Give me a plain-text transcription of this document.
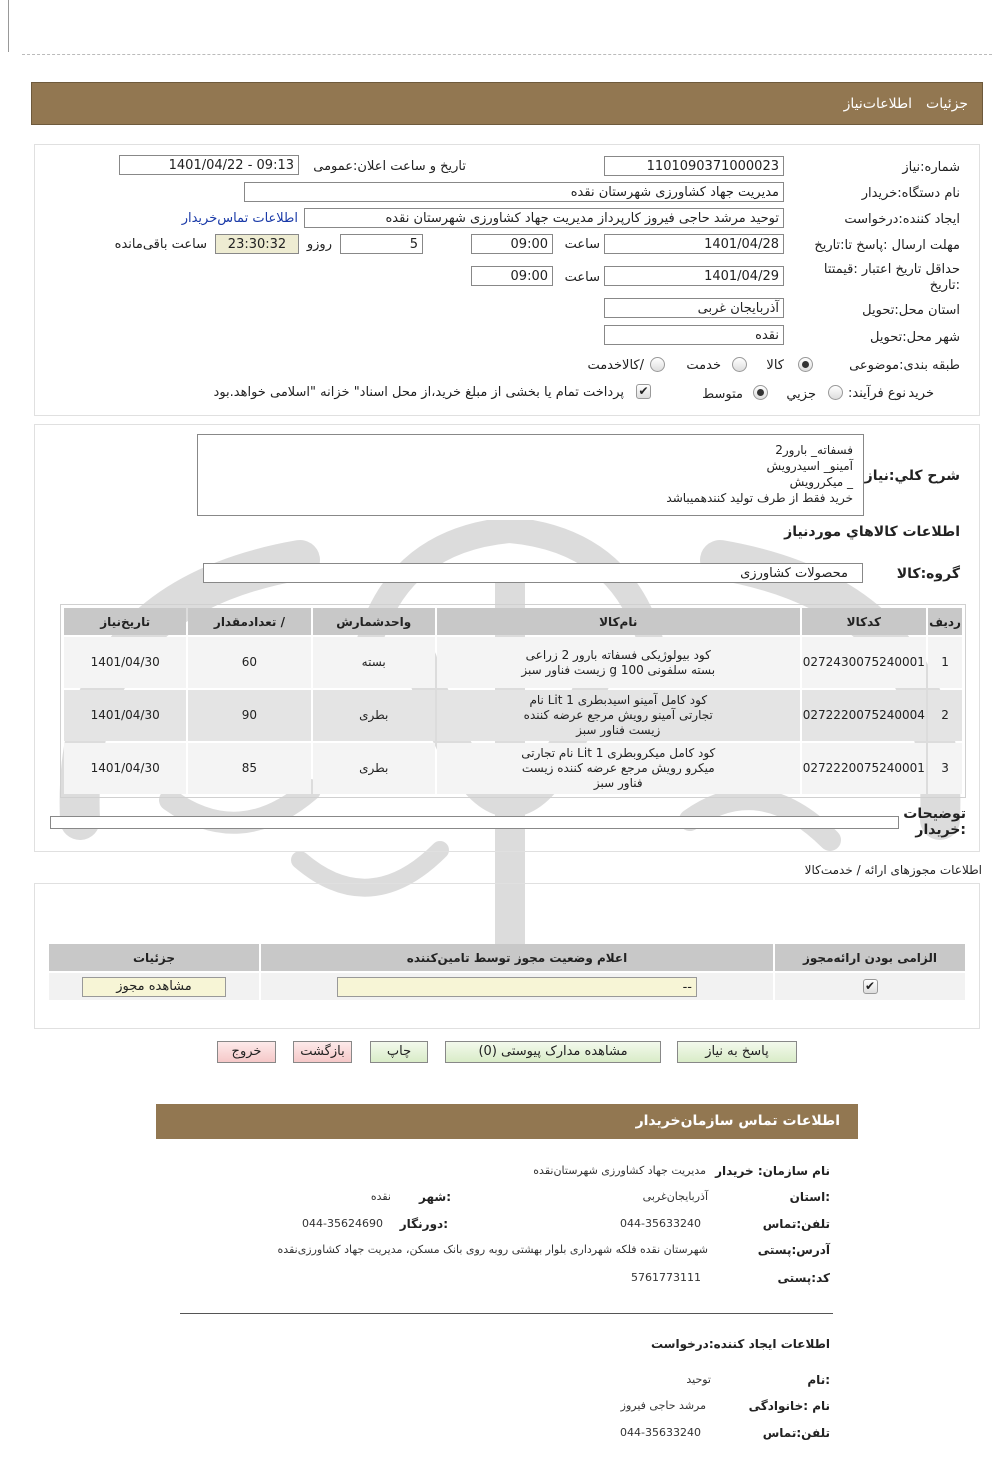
جزئیات
اطلاعات‌نیاز
شماره:نیاز
1101090371000023
تاریخ و ساعت اعلان:عمومی
1401/04/22 - 09:13
نام دستگاه:خریدار
مدیریت جهاد کشاورزی شهرستان نقده
ایجاد کننده:درخواست
توحید مرشد حاجی فیروز کارپرداز مدیریت جهاد کشاورزی شهرستان نقده
اطلاعات تماس‌خریدار
مهلت ارسال :پاسخ تا:تاریخ
1401/04/28
ساعت
09:00
5
روزو
23:30:32
ساعت باقی‌مانده
حداقل تاریخ اعتبار :قیمتتا :تاریخ
1401/04/29
ساعت
09:00
استان محل:تحویل
آذربایجان غربی
شهر محل:تحویل
نقده
طبقه بندی:موضوعی
کالا
خدمت
/کالاخدمت
نوع فرآیند: خرید
جزيي
متوسط
✔
پرداخت تمام یا بخشی از مبلغ خرید،از محل اسناد" خزانه "اسلامی خواهد.بود
شرح کلي:نياز
فسفاته_ بارور2
آمینو_ اسیدرویش
_ میکررویش
خرید فقط از طرف تولید کنندهمیباشد
اطلاعات کالاهاي موردنياز
گروه:کالا
محصولات کشاورزی
ردیف	کدکالا	نام‌کالا	واحدشمارش	/ تعدادمقدار	تاریخ‌نیاز
1	0272430075240001	کود بیولوژیکی فسفاته بارور 2 زراعی بسته سلفونی 100 g زیست فناور سبز	بسته	60	1401/04/30
2	0272220075240004	کود کامل آمینو اسیدبطری 1 Lit نام تجارتی آمینو رویش مرجع عرضه کننده زیست فناور سبز	بطری	90	1401/04/30
3	0272220075240001	کود کامل میکروبطری 1 Lit نام تجارتی میکرو رویش مرجع عرضه کننده زیست فناور سبز	بطری	85	1401/04/30
توضیحات :خریدار
اطلاعات مجوزهای ارائه / خدمت‌کالا
الزامی بودن ارائه‌مجوز	اعلام وضعیت مجوز توسط تامین‌کننده	جزئیات
✔	--	مشاهده مجوز
پاسخ به نیاز
مشاهده مدارک پیوستی (0)
چاپ
بازگشت
خروج
اطلاعات تماس سازمان‌خریدار
نام سازمان: خریدار
مدیریت جهاد کشاورزی شهرستان‌نقده
:استان
آذربایجان‌غربی
:شهر
نقده
تلفن:تماس
044-35633240
:دورنگار
044-35624690
آدرس:پستی
شهرستان نقده فلکه شهرداری بلوار بهشتی روبه روی بانک مسکن، مدیریت جهاد کشاورزی‌نقده
کد:پستی
5761773111
اطلاعات ایجاد کننده:درخواست
:نام
توحید
نام :خانوادگی
مرشد حاجی فیروز
تلفن:تماس
044-35633240
